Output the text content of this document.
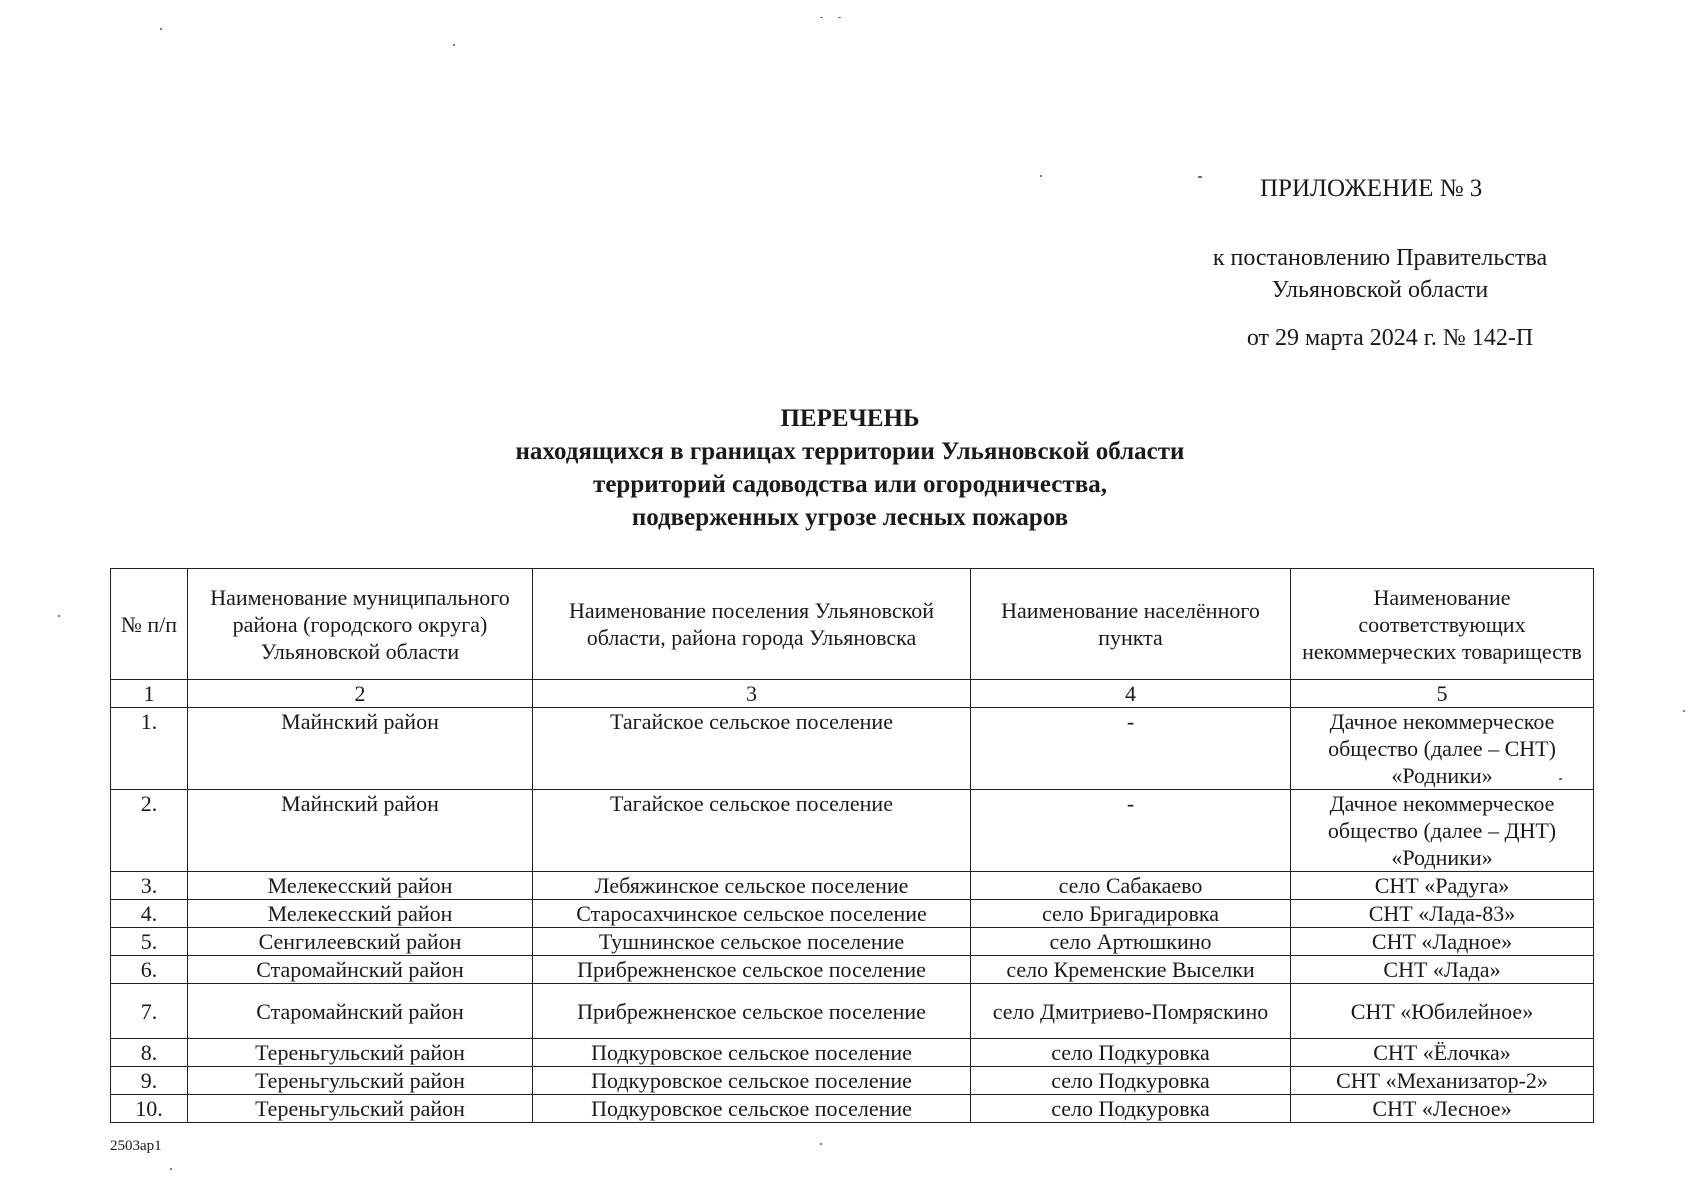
ПРИЛОЖЕНИЕ № 3
к постановлению Правительства
Ульяновской области
от 29 марта 2024 г. № 142-П
ПЕРЕЧЕНЬ
находящихся в границах территории Ульяновской области
территорий садоводства или огородничества,
подверженных угрозе лесных пожаров
№ п/п	Наименование муниципального района (городского округа) Ульяновской области	Наименование поселения Ульяновской области, района города Ульяновска	Наименование населённого пункта	Наименование соответствующих некоммерческих товариществ
1	2	3	4	5
1.	Майнский район	Тагайское сельское поселение	-	Дачное некоммерческое общество (далее – СНТ) «Родники»
2.	Майнский район	Тагайское сельское поселение	-	Дачное некоммерческое общество (далее – ДНТ) «Родники»
3.	Мелекесский район	Лебяжинское сельское поселение	село Сабакаево	СНТ «Радуга»
4.	Мелекесский район	Старосахчинское сельское поселение	село Бригадировка	СНТ «Лада-83»
5.	Сенгилеевский район	Тушнинское сельское поселение	село Артюшкино	СНТ «Ладное»
6.	Старомайнский район	Прибрежненское сельское поселение	село Кременские Выселки	СНТ «Лада»
7.	Старомайнский район	Прибрежненское сельское поселение	село Дмитриево-Помряскино	СНТ «Юбилейное»
8.	Тереньгульский район	Подкуровское сельское поселение	село Подкуровка	СНТ «Ёлочка»
9.	Тереньгульский район	Подкуровское сельское поселение	село Подкуровка	СНТ «Механизатор-2»
10.	Тереньгульский район	Подкуровское сельское поселение	село Подкуровка	СНТ «Лесное»
2503ap1
